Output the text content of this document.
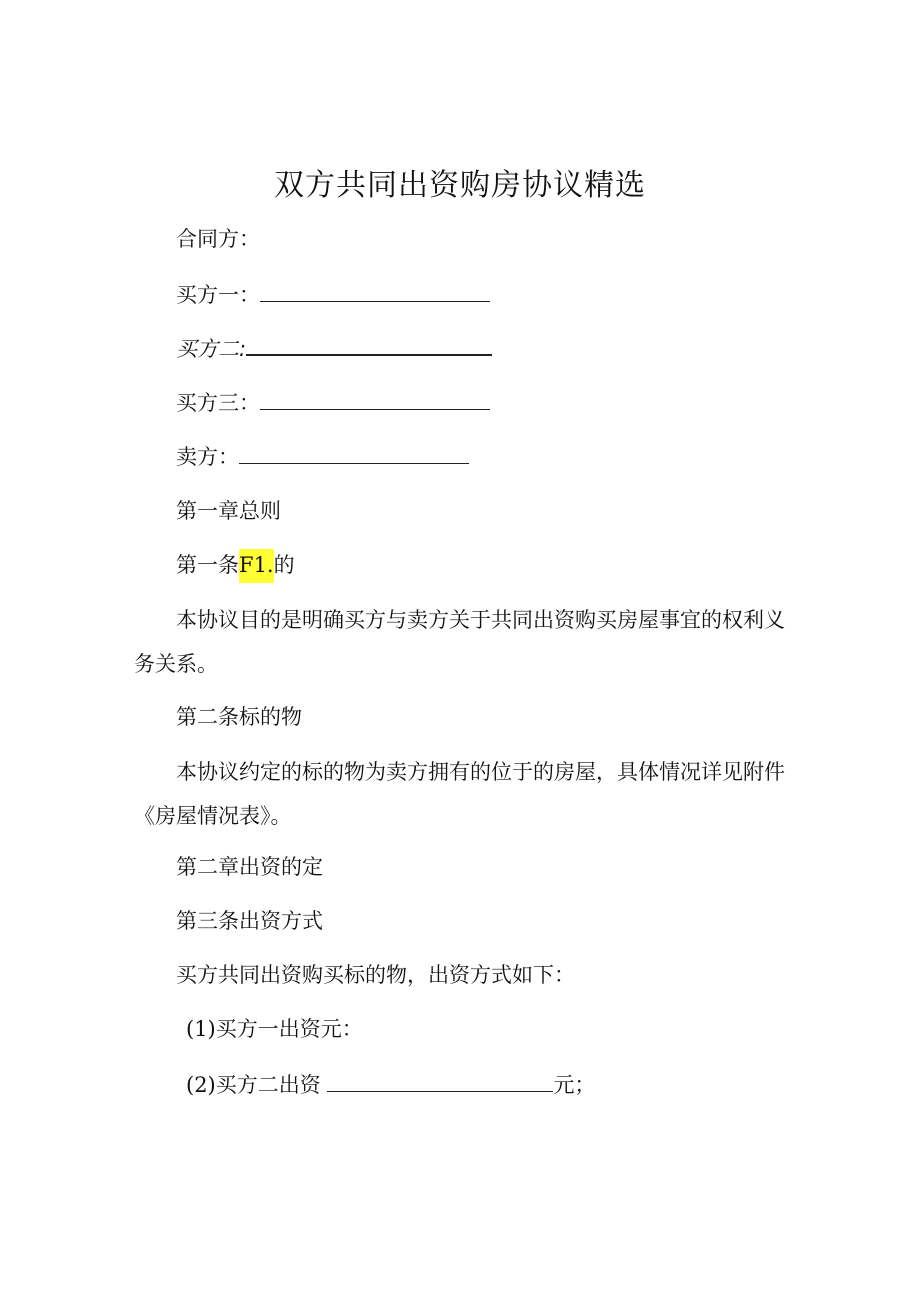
双方共同出资购房协议精选
合同方：
买方一：
买方二:
买方三：
卖方：
第一章总则
第一条F1.的
本协议目的是明确买方与卖方关于共同出资购买房屋事宜的权利义务关系。
第二条标的物
本协议约定的标的物为卖方拥有的位于的房屋，具体情况详见附件《房屋情况表》。
第二章出资的定
第三条出资方式
买方共同出资购买标的物，出资方式如下：
(1)买方一出资元：
(2)买方二出资	元；
